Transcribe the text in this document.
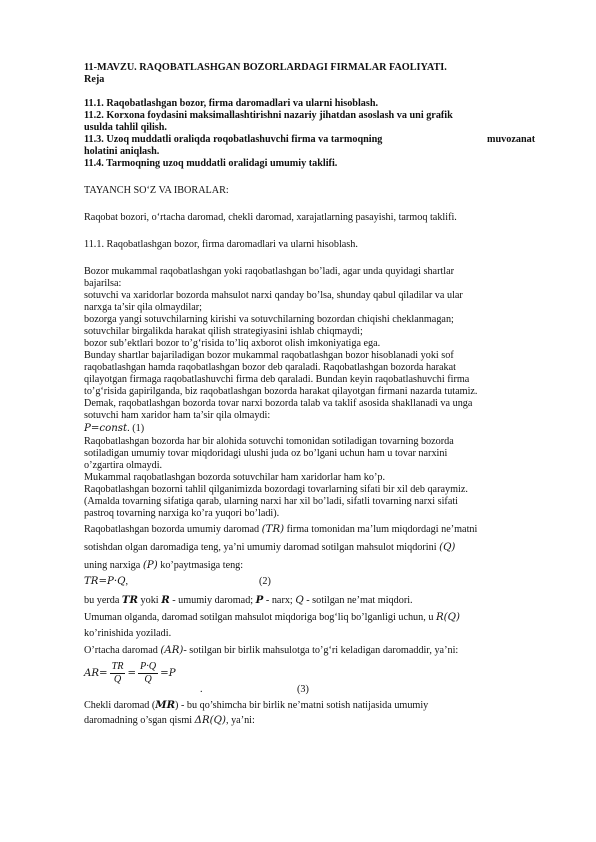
11-MAVZU. RAQOBATLASHGAN BOZORLARDAGI FIRMALAR FAOLIYATI.
Reja
11.1. Raqobatlashgan bozor, firma daromadlari va ularni hisoblash.
11.2. Korxona foydasini maksimallashtirishni nazariy jihatdan asoslash va uni grafik
usulda tahlil qilish.
11.3. Uzoq muddatli oraliqda roqobatlashuvchi firma va tarmoqning	muvozanat
holatini aniqlash.
11.4. Tarmoqning uzoq muddatli oralidagi umumiy taklifi.
TAYANCH SO‘Z VA IBORALAR:
Raqobat bozori, o‘rtacha daromad, chekli daromad, xarajatlarning pasayishi, tarmoq taklifi.
11.1. Raqobatlashgan bozor, firma daromadlari va ularni hisoblash.
Bozor mukammal raqobatlashgan yoki raqobatlashgan bo’ladi, agar unda quyidagi shartlar
bajarilsa:
sotuvchi va xaridorlar bozorda mahsulot narxi qanday bo’lsa, shunday qabul qiladilar va ular
narxga ta’sir qila olmaydilar;
bozorga yangi sotuvchilarning kirishi va sotuvchilarning bozordan chiqishi cheklanmagan;
sotuvchilar birgalikda harakat qilish strategiyasini ishlab chiqmaydi;
bozor sub’ektlari bozor to’g‘risida to’liq axborot olish imkoniyatiga ega.
Bunday shartlar bajariladigan bozor mukammal raqobatlashgan bozor hisoblanadi yoki sof
raqobatlashgan hamda raqobatlashgan bozor deb qaraladi. Raqobatlashgan bozorda harakat
qilayotgan firmaga raqobatlashuvchi firma deb qaraladi. Bundan keyin raqobatlashuvchi firma
to’g‘risida gapirilganda, biz raqobatlashgan bozorda harakat qilayotgan firmani nazarda tutamiz.
Demak, raqobatlashgan bozorda tovar narxi bozorda talab va taklif asosida shakllanadi va unga
sotuvchi ham xaridor ham ta’sir qila olmaydi:
P=const. (1)
Raqobatlashgan bozorda har bir alohida sotuvchi tomonidan sotiladigan tovarning bozorda
sotiladigan umumiy tovar miqdoridagi ulushi juda oz bo’lgani uchun ham u tovar narxini
o’zgartira olmaydi.
Mukammal raqobatlashgan bozorda sotuvchilar ham xaridorlar ham ko’p.
Raqobatlashgan bozorni tahlil qilganimizda bozordagi tovarlarning sifati bir xil deb qaraymiz.
(Amalda tovarning sifatiga qarab, ularning narxi har xil bo’ladi, sifatli tovarning narxi sifati
pastroq tovarning narxiga ko’ra yuqori bo’ladi).
Raqobatlashgan bozorda umumiy daromad (TR) firma tomonidan ma’lum miqdordagi ne’matni
sotishdan olgan daromadiga teng, ya’ni umumiy daromad sotilgan mahsulot miqdorini (Q)
uning narxiga (P) ko’paytmasiga teng:
TR=P·Q,	(2)
bu yerda TR yoki R - umumiy daromad; P - narx; Q - sotilgan ne’mat miqdori.
Umuman olganda, daromad sotilgan mahsulot miqdoriga bog‘liq bo’lganligi uchun, u R(Q)
ko’rinishida yoziladi.
O’rtacha daromad (AR)- sotilgan bir birlik mahsulotga to’g‘ri keladigan daromaddir, ya’ni:
$AR= \frac{TR}{Q} = \frac{P\cdot Q}{Q} =P$
.	(3)
Chekli daromad (MR) - bu qo’shimcha bir birlik ne’matni sotish natijasida umumiy
daromadning o’sgan qismi ΔR(Q), ya’ni:
